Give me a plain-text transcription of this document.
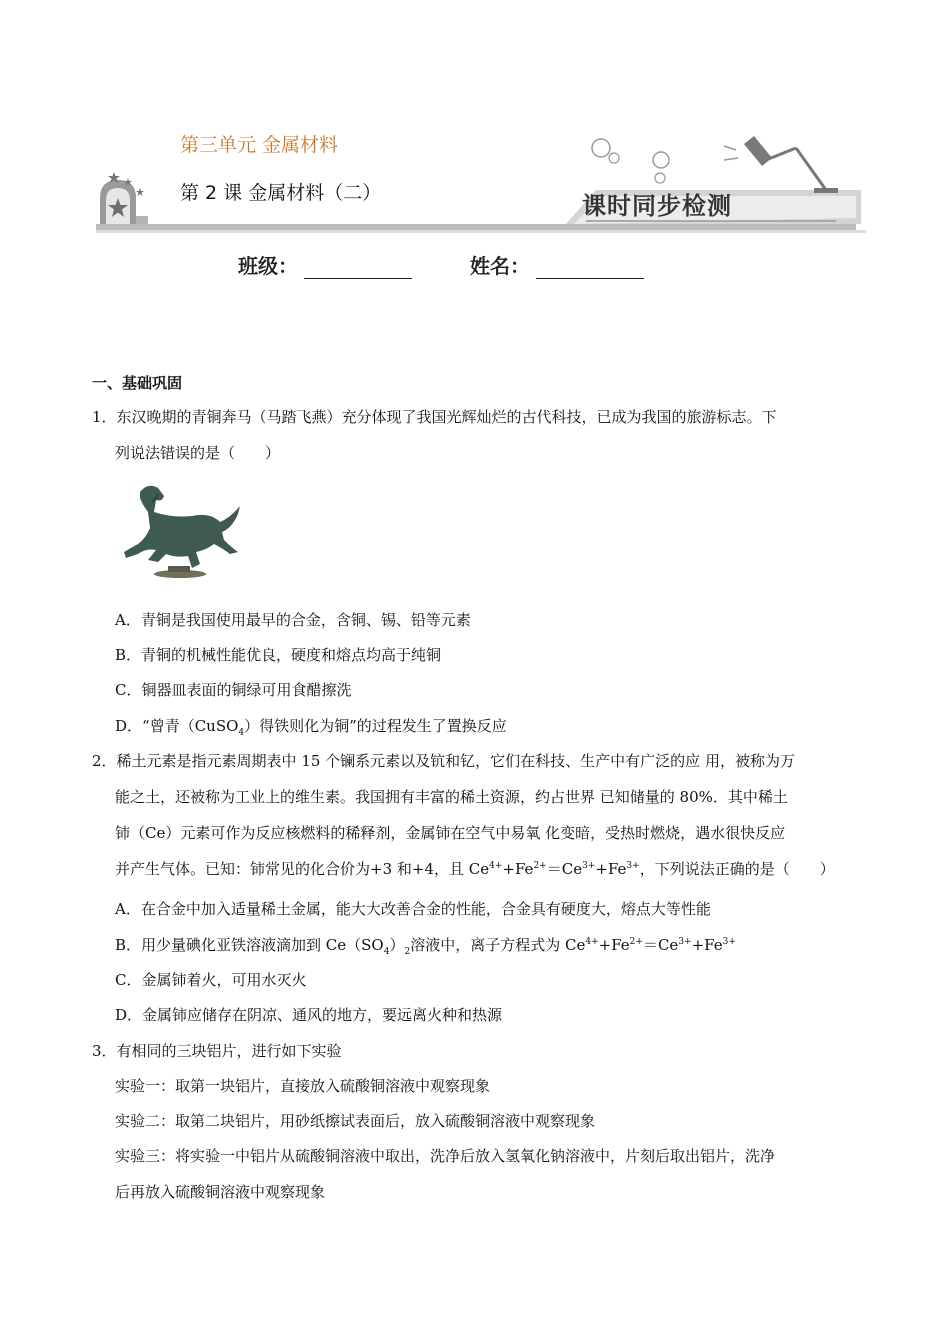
第三单元 金属材料
第 2 课 金属材料（二）	课时同步检测
班级：	姓名：
一、基础巩固
1．东汉晚期的青铜奔马（马踏飞燕）充分体现了我国光辉灿烂的古代科技，已成为我国的旅游标志。下
列说法错误的是（　　）
A．青铜是我国使用最早的合金，含铜、锡、铅等元素
B．青铜的机械性能优良，硬度和熔点均高于纯铜
C．铜器皿表面的铜绿可用食醋擦洗
D．“曾青（CuSO$_4$）得铁则化为铜”的过程发生了置换反应
2．稀土元素是指元素周期表中 15 个镧系元素以及钪和钇，它们在科技、生产中有广泛的应 用，被称为万
能之土，还被称为工业上的维生素。我国拥有丰富的稀土资源，约占世界 已知储量的 80%．其中稀土
铈（Ce）元素可作为反应核燃料的稀释剂，金属铈在空气中易氧 化变暗，受热时燃烧，遇水很快反应
并产生气体。已知：铈常见的化合价为+3 和+4，且 $Ce^{4+}+Fe^{2+}=Ce^{3+}+Fe^{3+}$，下列说法正确的是（　　）
A．在合金中加入适量稀土金属，能大大改善合金的性能，合金具有硬度大，熔点大等性能
B．用少量碘化亚铁溶液滴加到 $Ce(SO_4)_2$溶液中，离子方程式为 $Ce^{4+}+Fe^{2+}=Ce^{3+}+Fe^{3+}$
C．金属铈着火，可用水灭火
D．金属铈应储存在阴凉、通风的地方，要远离火种和热源
3．有相同的三块铝片，进行如下实验
实验一：取第一块铝片，直接放入硫酸铜溶液中观察现象
实验二：取第二块铝片，用砂纸擦试表面后，放入硫酸铜溶液中观察现象
实验三：将实验一中铝片从硫酸铜溶液中取出，洗净后放入氢氧化钠溶液中，片刻后取出铝片，洗净
后再放入硫酸铜溶液中观察现象
